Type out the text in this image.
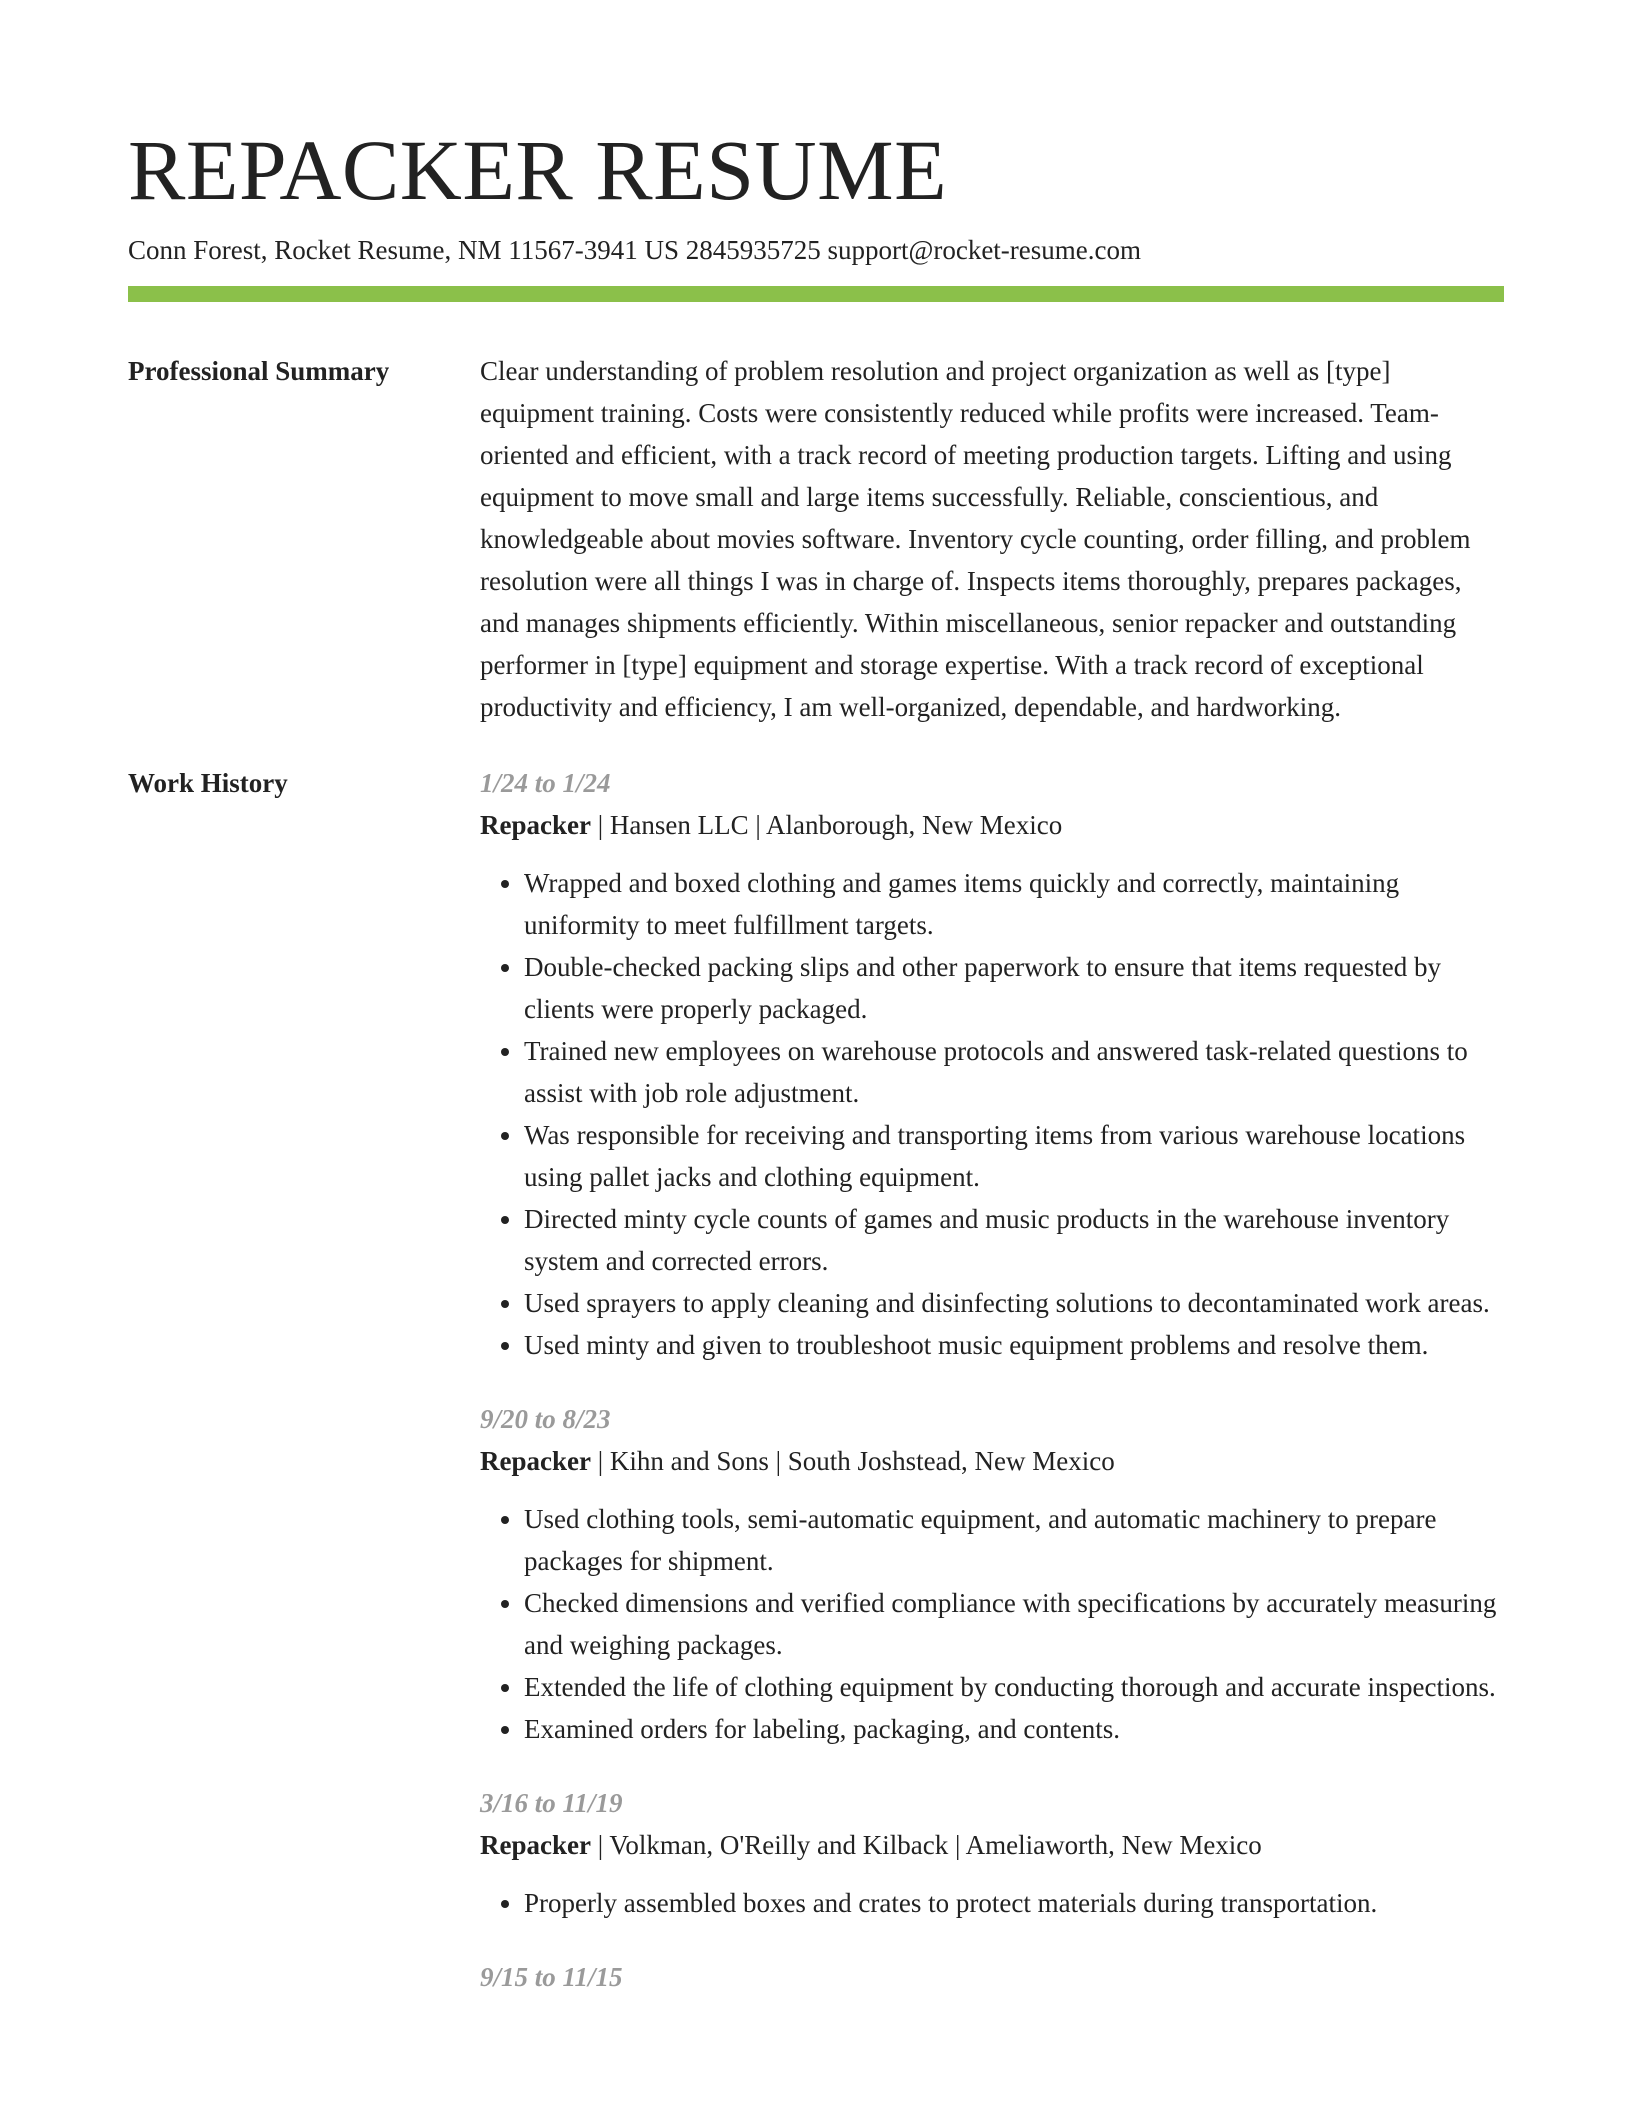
REPACKER RESUME
Conn Forest, Rocket Resume, NM 11567-3941 US 2845935725 support@rocket-resume.com
Professional Summary	Clear understanding of problem resolution and project organization as well as [type] equipment training. Costs were consistently reduced while profits were increased. Team-oriented and efficient, with a track record of meeting production targets. Lifting and using equipment to move small and large items successfully. Reliable, conscientious, and knowledgeable about movies software. Inventory cycle counting, order filling, and problem resolution were all things I was in charge of. Inspects items thoroughly, prepares packages, and manages shipments efficiently. Within miscellaneous, senior repacker and outstanding performer in [type] equipment and storage expertise. With a track record of exceptional productivity and efficiency, I am well-organized, dependable, and hardworking.

Work History	1/24 to 1/24
Repacker | Hansen LLC | Alanborough, New Mexico
• Wrapped and boxed clothing and games items quickly and correctly, maintaining uniformity to meet fulfillment targets.
• Double-checked packing slips and other paperwork to ensure that items requested by clients were properly packaged.
• Trained new employees on warehouse protocols and answered task-related questions to assist with job role adjustment.
• Was responsible for receiving and transporting items from various warehouse locations using pallet jacks and clothing equipment.
• Directed minty cycle counts of games and music products in the warehouse inventory system and corrected errors.
• Used sprayers to apply cleaning and disinfecting solutions to decontaminated work areas.
• Used minty and given to troubleshoot music equipment problems and resolve them.
9/20 to 8/23
Repacker | Kihn and Sons | South Joshstead, New Mexico
• Used clothing tools, semi-automatic equipment, and automatic machinery to prepare packages for shipment.
• Checked dimensions and verified compliance with specifications by accurately measuring and weighing packages.
• Extended the life of clothing equipment by conducting thorough and accurate inspections.
• Examined orders for labeling, packaging, and contents.
3/16 to 11/19
Repacker | Volkman, O'Reilly and Kilback | Ameliaworth, New Mexico
• Properly assembled boxes and crates to protect materials during transportation.
9/15 to 11/15
